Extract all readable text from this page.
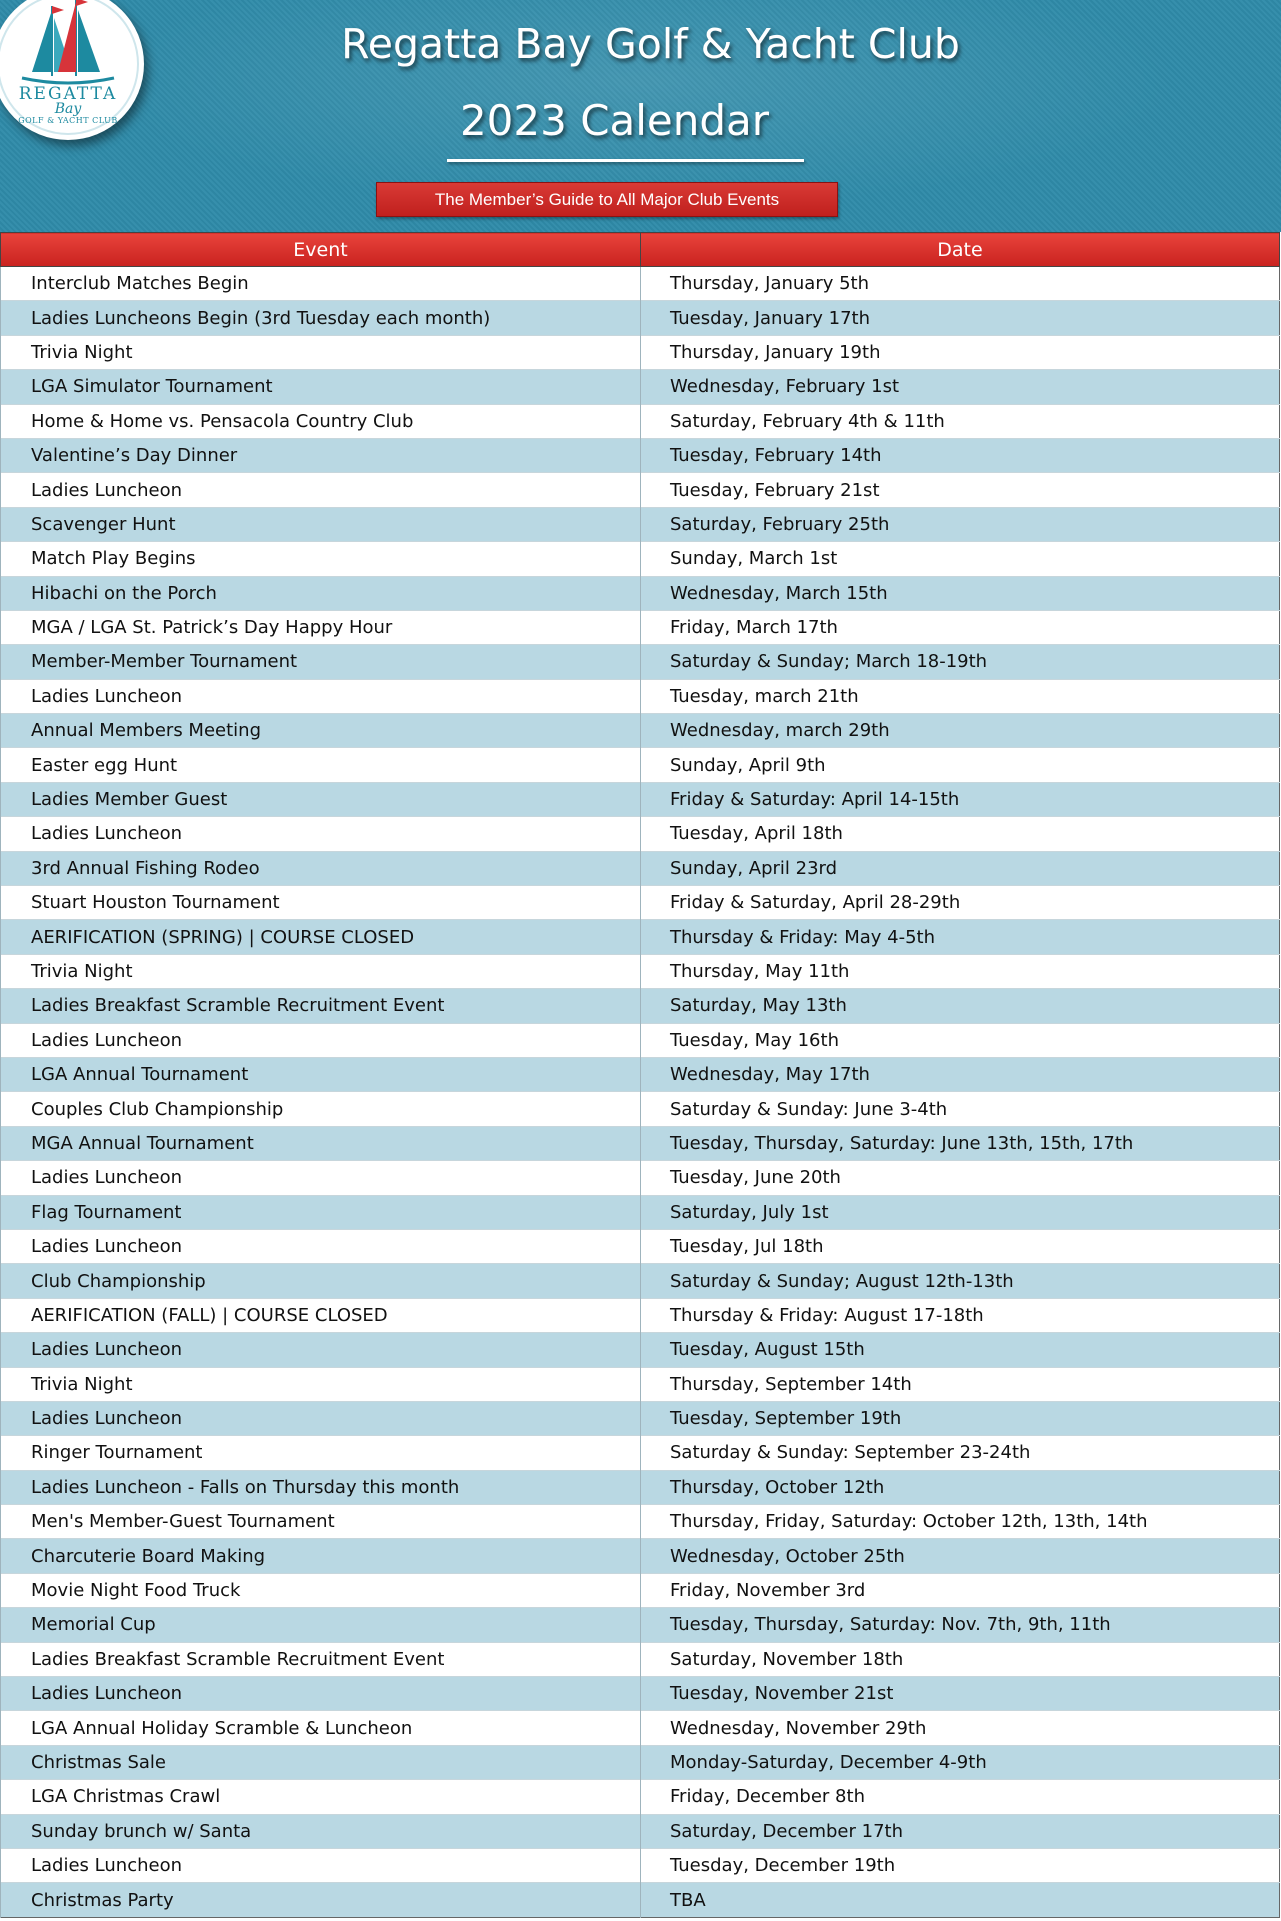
REGATTA
Bay
GOLF & YACHT CLUB
Regatta Bay Golf & Yacht Club
2023 Calendar
The Member’s Guide to All Major Club Events
Event	Date
Interclub Matches Begin	Thursday, January 5th
Ladies Luncheons Begin (3rd Tuesday each month)	Tuesday, January 17th
Trivia Night	Thursday, January 19th
LGA Simulator Tournament	Wednesday, February 1st
Home & Home vs. Pensacola Country Club	Saturday, February 4th & 11th
Valentine’s Day Dinner	Tuesday, February 14th
Ladies Luncheon	Tuesday, February 21st
Scavenger Hunt	Saturday, February 25th
Match Play Begins	Sunday, March 1st
Hibachi on the Porch	Wednesday, March 15th
MGA / LGA St. Patrick’s Day Happy Hour	Friday, March 17th
Member-Member Tournament	Saturday & Sunday; March 18-19th
Ladies Luncheon	Tuesday, march 21th
Annual Members Meeting	Wednesday, march 29th
Easter egg Hunt	Sunday, April 9th
Ladies Member Guest	Friday & Saturday: April 14-15th
Ladies Luncheon	Tuesday, April 18th
3rd Annual Fishing Rodeo	Sunday, April 23rd
Stuart Houston Tournament	Friday & Saturday, April 28-29th
AERIFICATION (SPRING) | COURSE CLOSED	Thursday & Friday: May 4-5th
Trivia Night	Thursday, May 11th
Ladies Breakfast Scramble Recruitment Event	Saturday, May 13th
Ladies Luncheon	Tuesday, May 16th
LGA Annual Tournament	Wednesday, May 17th
Couples Club Championship	Saturday & Sunday: June 3-4th
MGA Annual Tournament	Tuesday, Thursday, Saturday: June 13th, 15th, 17th
Ladies Luncheon	Tuesday, June 20th
Flag Tournament	Saturday, July 1st
Ladies Luncheon	Tuesday, Jul 18th
Club Championship	Saturday & Sunday; August 12th-13th
AERIFICATION (FALL) | COURSE CLOSED	Thursday & Friday: August 17-18th
Ladies Luncheon	Tuesday, August 15th
Trivia Night	Thursday, September 14th
Ladies Luncheon	Tuesday, September 19th
Ringer Tournament	Saturday & Sunday: September 23-24th
Ladies Luncheon - Falls on Thursday this month	Thursday, October 12th
Men's Member-Guest Tournament	Thursday, Friday, Saturday: October 12th, 13th, 14th
Charcuterie Board Making	Wednesday, October 25th
Movie Night Food Truck	Friday, November 3rd
Memorial Cup	Tuesday, Thursday, Saturday: Nov. 7th, 9th, 11th
Ladies Breakfast Scramble Recruitment Event	Saturday, November 18th
Ladies Luncheon	Tuesday, November 21st
LGA Annual Holiday Scramble & Luncheon	Wednesday, November 29th
Christmas Sale	Monday-Saturday, December 4-9th
LGA Christmas Crawl	Friday, December 8th
Sunday brunch w/ Santa	Saturday, December 17th
Ladies Luncheon	Tuesday, December 19th
Christmas Party	TBA
